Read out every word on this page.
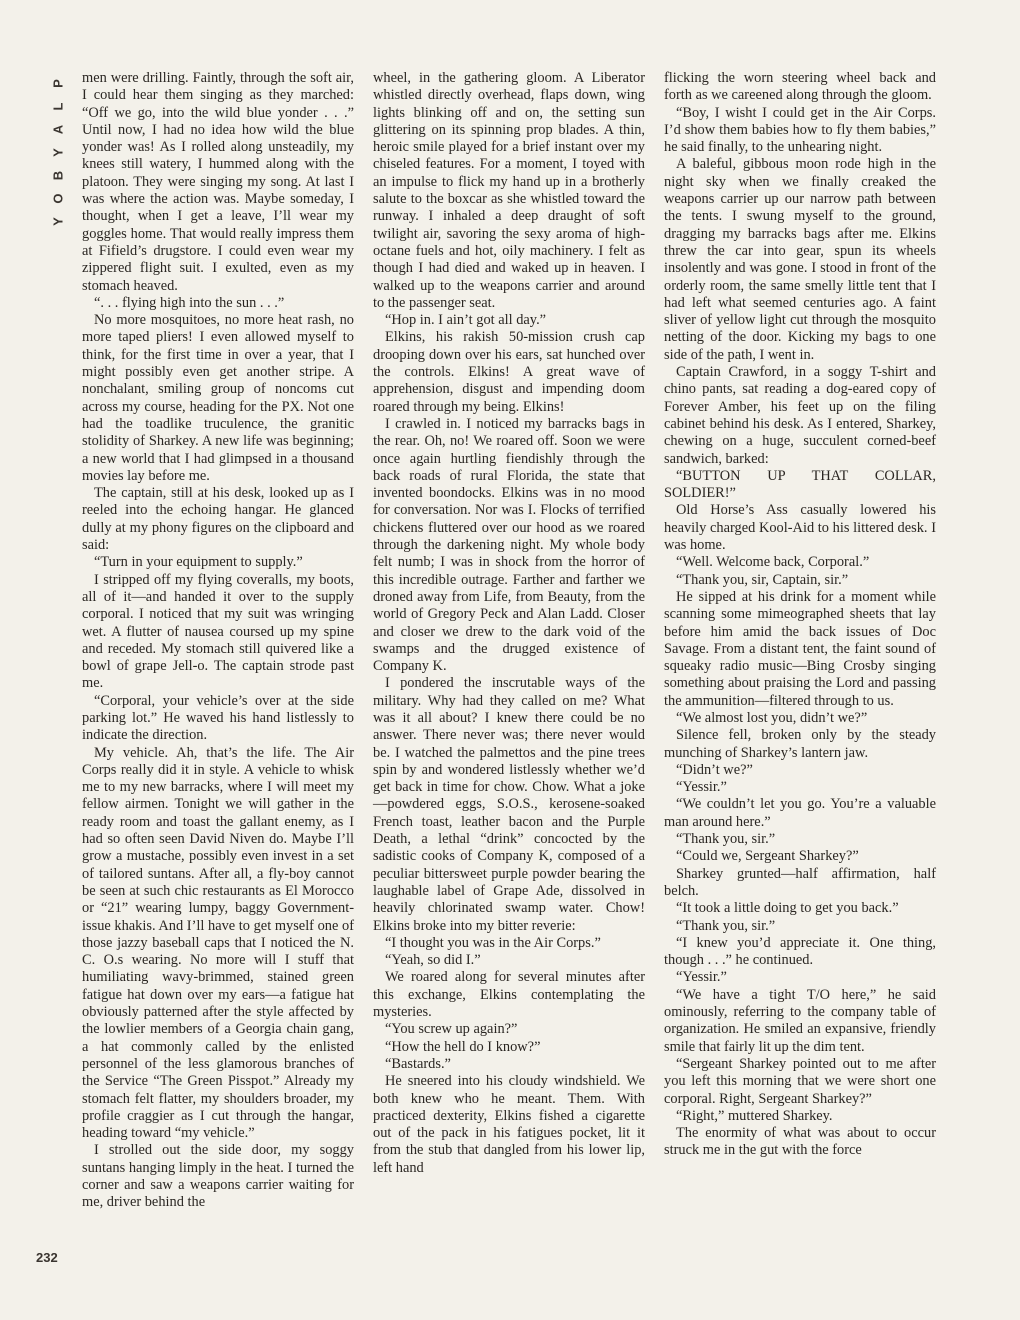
P
L
A
Y
B
O
Y

men were drilling. Faintly, through the soft air, I could hear them singing as they marched: “Off we go, into the wild blue yonder . . .” Until now, I had no idea how wild the blue yonder was! As I rolled along unsteadily, my knees still watery, I hummed along with the platoon. They were singing my song. At last I was where the action was. Maybe someday, I thought, when I get a leave, I’ll wear my goggles home. That would really impress them at Fifield’s drugstore. I could even wear my zippered flight suit. I exulted, even as my stomach heaved.

“. . . flying high into the sun . . .”

No more mosquitoes, no more heat rash, no more taped pliers! I even allowed myself to think, for the first time in over a year, that I might possibly even get another stripe. A nonchalant, smiling group of noncoms cut across my course, heading for the PX. Not one had the toadlike truculence, the granitic stolidity of Sharkey. A new life was beginning; a new world that I had glimpsed in a thousand movies lay before me.

The captain, still at his desk, looked up as I reeled into the echoing hangar. He glanced dully at my phony figures on the clipboard and said:

“Turn in your equipment to supply.”

I stripped off my flying coveralls, my boots, all of it—and handed it over to the supply corporal. I noticed that my suit was wringing wet. A flutter of nausea coursed up my spine and receded. My stomach still quivered like a bowl of grape Jell-o. The captain strode past me.

“Corporal, your vehicle’s over at the side parking lot.” He waved his hand listlessly to indicate the direction.

My vehicle. Ah, that’s the life. The Air Corps really did it in style. A vehicle to whisk me to my new barracks, where I will meet my fellow airmen. Tonight we will gather in the ready room and toast the gallant enemy, as I had so often seen David Niven do. Maybe I’ll grow a mustache, possibly even invest in a set of tailored suntans. After all, a fly-boy cannot be seen at such chic restaurants as El Morocco or “21” wearing lumpy, baggy Government-issue khakis. And I’ll have to get myself one of those jazzy baseball caps that I noticed the N. C. O.s wearing. No more will I stuff that humiliating wavy-brimmed, stained green fatigue hat down over my ears—a fatigue hat obviously patterned after the style affected by the lowlier members of a Georgia chain gang, a hat commonly called by the enlisted personnel of the less glamorous branches of the Service “The Green Pisspot.” Already my stomach felt flatter, my shoulders broader, my profile craggier as I cut through the hangar, heading toward “my vehicle.”

I strolled out the side door, my soggy suntans hanging limply in the heat. I turned the corner and saw a weapons carrier waiting for me, driver behind the

wheel, in the gathering gloom. A Liberator whistled directly overhead, flaps down, wing lights blinking off and on, the setting sun glittering on its spinning prop blades. A thin, heroic smile played for a brief instant over my chiseled features. For a moment, I toyed with an impulse to flick my hand up in a brotherly salute to the boxcar as she whistled toward the runway. I inhaled a deep draught of soft twilight air, savoring the sexy aroma of high-octane fuels and hot, oily machinery. I felt as though I had died and waked up in heaven. I walked up to the weapons carrier and around to the passenger seat.

“Hop in. I ain’t got all day.”

Elkins, his rakish 50-mission crush cap drooping down over his ears, sat hunched over the controls. Elkins! A great wave of apprehension, disgust and impending doom roared through my being. Elkins!

I crawled in. I noticed my barracks bags in the rear. Oh, no! We roared off. Soon we were once again hurtling fiendishly through the back roads of rural Florida, the state that invented boondocks. Elkins was in no mood for conversation. Nor was I. Flocks of terrified chickens fluttered over our hood as we roared through the darkening night. My whole body felt numb; I was in shock from the horror of this incredible outrage. Farther and farther we droned away from Life, from Beauty, from the world of Gregory Peck and Alan Ladd. Closer and closer we drew to the dark void of the swamps and the drugged existence of Company K.

I pondered the inscrutable ways of the military. Why had they called on me? What was it all about? I knew there could be no answer. There never was; there never would be. I watched the palmettos and the pine trees spin by and wondered listlessly whether we’d get back in time for chow. Chow. What a joke—powdered eggs, S.O.S., kerosene-soaked French toast, leather bacon and the Purple Death, a lethal “drink” concocted by the sadistic cooks of Company K, composed of a peculiar bittersweet purple powder bearing the laughable label of Grape Ade, dissolved in heavily chlorinated swamp water. Chow! Elkins broke into my bitter reverie:

“I thought you was in the Air Corps.”

“Yeah, so did I.”

We roared along for several minutes after this exchange, Elkins contemplating the mysteries.

“You screw up again?”

“How the hell do I know?”

“Bastards.”

He sneered into his cloudy windshield. We both knew who he meant. Them. With practiced dexterity, Elkins fished a cigarette out of the pack in his fatigues pocket, lit it from the stub that dangled from his lower lip, left hand

flicking the worn steering wheel back and forth as we careened along through the gloom.

“Boy, I wisht I could get in the Air Corps. I’d show them babies how to fly them babies,” he said finally, to the unhearing night.

A baleful, gibbous moon rode high in the night sky when we finally creaked the weapons carrier up our narrow path between the tents. I swung myself to the ground, dragging my barracks bags after me. Elkins threw the car into gear, spun its wheels insolently and was gone. I stood in front of the orderly room, the same smelly little tent that I had left what seemed centuries ago. A faint sliver of yellow light cut through the mosquito netting of the door. Kicking my bags to one side of the path, I went in.

Captain Crawford, in a soggy T-shirt and chino pants, sat reading a dog-eared copy of Forever Amber, his feet up on the filing cabinet behind his desk. As I entered, Sharkey, chewing on a huge, succulent corned-beef sandwich, barked:

“BUTTON UP THAT COLLAR, SOLDIER!”

Old Horse’s Ass casually lowered his heavily charged Kool-Aid to his littered desk. I was home.

“Well. Welcome back, Corporal.”

“Thank you, sir, Captain, sir.”

He sipped at his drink for a moment while scanning some mimeographed sheets that lay before him amid the back issues of Doc Savage. From a distant tent, the faint sound of squeaky radio music—Bing Crosby singing something about praising the Lord and passing the ammunition—filtered through to us.

“We almost lost you, didn’t we?”

Silence fell, broken only by the steady munching of Sharkey’s lantern jaw.

“Didn’t we?”

“Yessir.”

“We couldn’t let you go. You’re a valuable man around here.”

“Thank you, sir.”

“Could we, Sergeant Sharkey?”

Sharkey grunted—half affirmation, half belch.

“It took a little doing to get you back.”

“Thank you, sir.”

“I knew you’d appreciate it. One thing, though . . .” he continued.

“Yessir.”

“We have a tight T/O here,” he said ominously, referring to the company table of organization. He smiled an expansive, friendly smile that fairly lit up the dim tent.

“Sergeant Sharkey pointed out to me after you left this morning that we were short one corporal. Right, Sergeant Sharkey?”

“Right,” muttered Sharkey.

The enormity of what was about to occur struck me in the gut with the force

232
